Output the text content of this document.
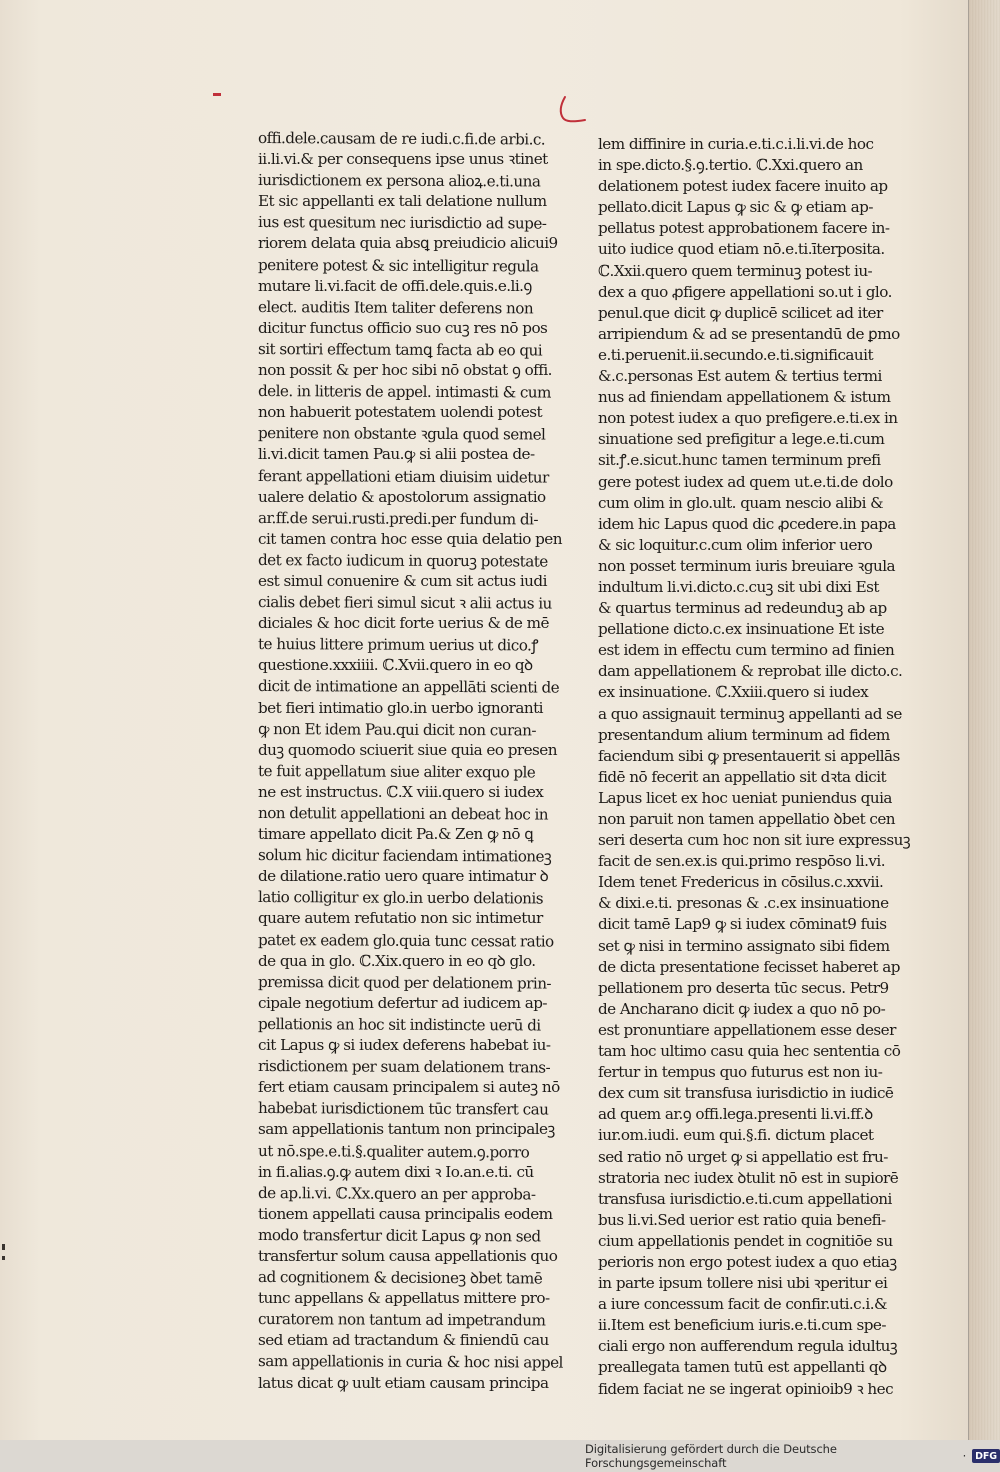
offi.dele.causam de re iudi.c.fi.de arbi.c.
ii.li.vi.& per consequens ipse unus ꝛtinet
iurisdictionem ex persona alioꝝ.e.ti.una
Et sic appellanti ex tali delatione nullum
ius est quesitum nec iurisdictio ad supe-
riorem delata quia absꝗ preiudicio alicui9
penitere potest & sic intelligitur regula
mutare li.vi.facit de offi.dele.quis.e.li.ꝯ
elect. auditis Item taliter deferens non
dicitur functus officio suo cuꝫ res nō pos
sit sortiri effectum tamꝗ facta ab eo qui
non possit & per hoc sibi nō obstat ꝯ offi.
dele. in litteris de appel. intimasti & cum
non habuerit potestatem uolendi potest
penitere non obstante ꝛgula quod semel
li.vi.dicit tamen Pau.ꝙ si alii postea de-
ferant appellationi etiam diuisim uidetur
ualere delatio & apostolorum assignatio
ar.ff.de serui.rusti.predi.per fundum di-
cit tamen contra hoc esse quia delatio pen
det ex facto iudicum in quoruꝫ potestate
est simul conuenire & cum sit actus iudi
cialis debet fieri simul sicut ꝛ alii actus iu
diciales & hoc dicit forte uerius & de mē
te huius littere primum uerius ut dico.ꝭ
questione.xxxiiii. ℂ.Xvii.quero in eo qꝺ
dicit de intimatione an appellāti scienti de
bet fieri intimatio glo.in uerbo ignoranti
ꝙ non Et idem Pau.qui dicit non curan-
duꝫ quomodo sciuerit siue quia eo presen
te fuit appellatum siue aliter exquo ple
ne est instructus. ℂ.X viii.quero si iudex
non detulit appellationi an debeat hoc in
timare appellato dicit Pa.& Zen ꝙ nō ꝗ
solum hic dicitur faciendam intimationeꝫ
de dilatione.ratio uero quare intimatur ꝺ
latio colligitur ex glo.in uerbo delationis
quare autem refutatio non sic intimetur
patet ex eadem glo.quia tunc cessat ratio
de qua in glo. ℂ.Xix.quero in eo qꝺ glo.
premissa dicit quod per delationem prin-
cipale negotium defertur ad iudicem ap-
pellationis an hoc sit indistincte uerū di
cit Lapus ꝙ si iudex deferens habebat iu-
risdictionem per suam delationem trans-
fert etiam causam principalem si auteꝫ nō
habebat iurisdictionem tūc transfert cau
sam appellationis tantum non principaleꝫ
ut nō.spe.e.ti.§.qualiter autem.ꝯ.porro
in fi.alias.ꝯ.ꝙ autem dixi ꝛ Io.an.e.ti. cū
de ap.li.vi. ℂ.Xx.quero an per approba-
tionem appellati causa principalis eodem
modo transfertur dicit Lapus ꝙ non sed
transfertur solum causa appellationis quo
ad cognitionem & decisioneꝫ ꝺbet tamē
tunc appellans & appellatus mittere pro-
curatorem non tantum ad impetrandum
sed etiam ad tractandum & finiendū cau
sam appellationis in curia & hoc nisi appel
latus dicat ꝙ uult etiam causam principa
lem diffinire in curia.e.ti.c.i.li.vi.de hoc
in spe.dicto.§.ꝯ.tertio. ℂ.Xxi.quero an
delationem potest iudex facere inuito ap
pellato.dicit Lapus ꝙ sic & ꝙ etiam ap-
pellatus potest approbationem facere in-
uito iudice quod etiam nō.e.ti.īterposita.
ℂ.Xxii.quero quem terminuꝫ potest iu-
dex a quo ꝓfigere appellationi so.ut i glo.
penul.que dicit ꝙ duplicē scilicet ad iter
arripiendum & ad se presentandū de ꝑmo
e.ti.peruenit.ii.secundo.e.ti.significauit
&.c.personas Est autem & tertius termi
nus ad finiendam appellationem & istum
non potest iudex a quo prefigere.e.ti.ex in
sinuatione sed prefigitur a lege.e.ti.cum
sit.ꝭ.e.sicut.hunc tamen terminum prefi
gere potest iudex ad quem ut.e.ti.de dolo
cum olim in glo.ult. quam nescio alibi &
idem hic Lapus quod dic ꝓcedere.in papa
& sic loquitur.c.cum olim inferior uero
non posset terminum iuris breuiare ꝛgula
indultum li.vi.dicto.c.cuꝫ sit ubi dixi Est
& quartus terminus ad redeunduꝫ ab ap
pellatione dicto.c.ex insinuatione Et iste
est idem in effectu cum termino ad finien
dam appellationem & reprobat ille dicto.c.
ex insinuatione. ℂ.Xxiii.quero si iudex
a quo assignauit terminuꝫ appellanti ad se
presentandum alium terminum ad fidem
faciendum sibi ꝙ presentauerit si appellās
fidē nō fecerit an appellatio sit dꝛta dicit
Lapus licet ex hoc ueniat puniendus quia
non paruit non tamen appellatio ꝺbet cen
seri deserta cum hoc non sit iure expressuꝫ
facit de sen.ex.is qui.primo respōso li.vi.
Idem tenet Fredericus in cōsilus.c.xxvii.
& dixi.e.ti. presonas & .c.ex insinuatione
dicit tamē Lap9 ꝙ si iudex cōminat9 fuis
set ꝙ nisi in termino assignato sibi fidem
de dicta presentatione fecisset haberet ap
pellationem pro deserta tūc secus. Petr9
de Ancharano dicit ꝙ iudex a quo nō po-
est pronuntiare appellationem esse deser
tam hoc ultimo casu quia hec sententia cō
fertur in tempus quo futurus est non iu-
dex cum sit transfusa iurisdictio in iudicē
ad quem ar.ꝯ offi.lega.presenti li.vi.ff.ꝺ
iur.om.iudi. eum qui.§.fi. dictum placet
sed ratio nō urget ꝙ si appellatio est fru-
stratoria nec iudex ꝺtulit nō est in supiorē
transfusa iurisdictio.e.ti.cum appellationi
bus li.vi.Sed uerior est ratio quia benefi-
cium appellationis pendet in cognitiōe su
perioris non ergo potest iudex a quo etiaꝫ
in parte ipsum tollere nisi ubi ꝛperitur ei
a iure concessum facit de confir.uti.c.i.&
ii.Item est beneficium iuris.e.ti.cum spe-
ciali ergo non aufferendum regula idultuꝫ
preallegata tamen tutū est appellanti qꝺ
fidem faciat ne se ingerat opinioib9 ꝛ hec
Digitalisierung gefördert durch die Deutsche Forschungsgemeinschaft	· DFG
